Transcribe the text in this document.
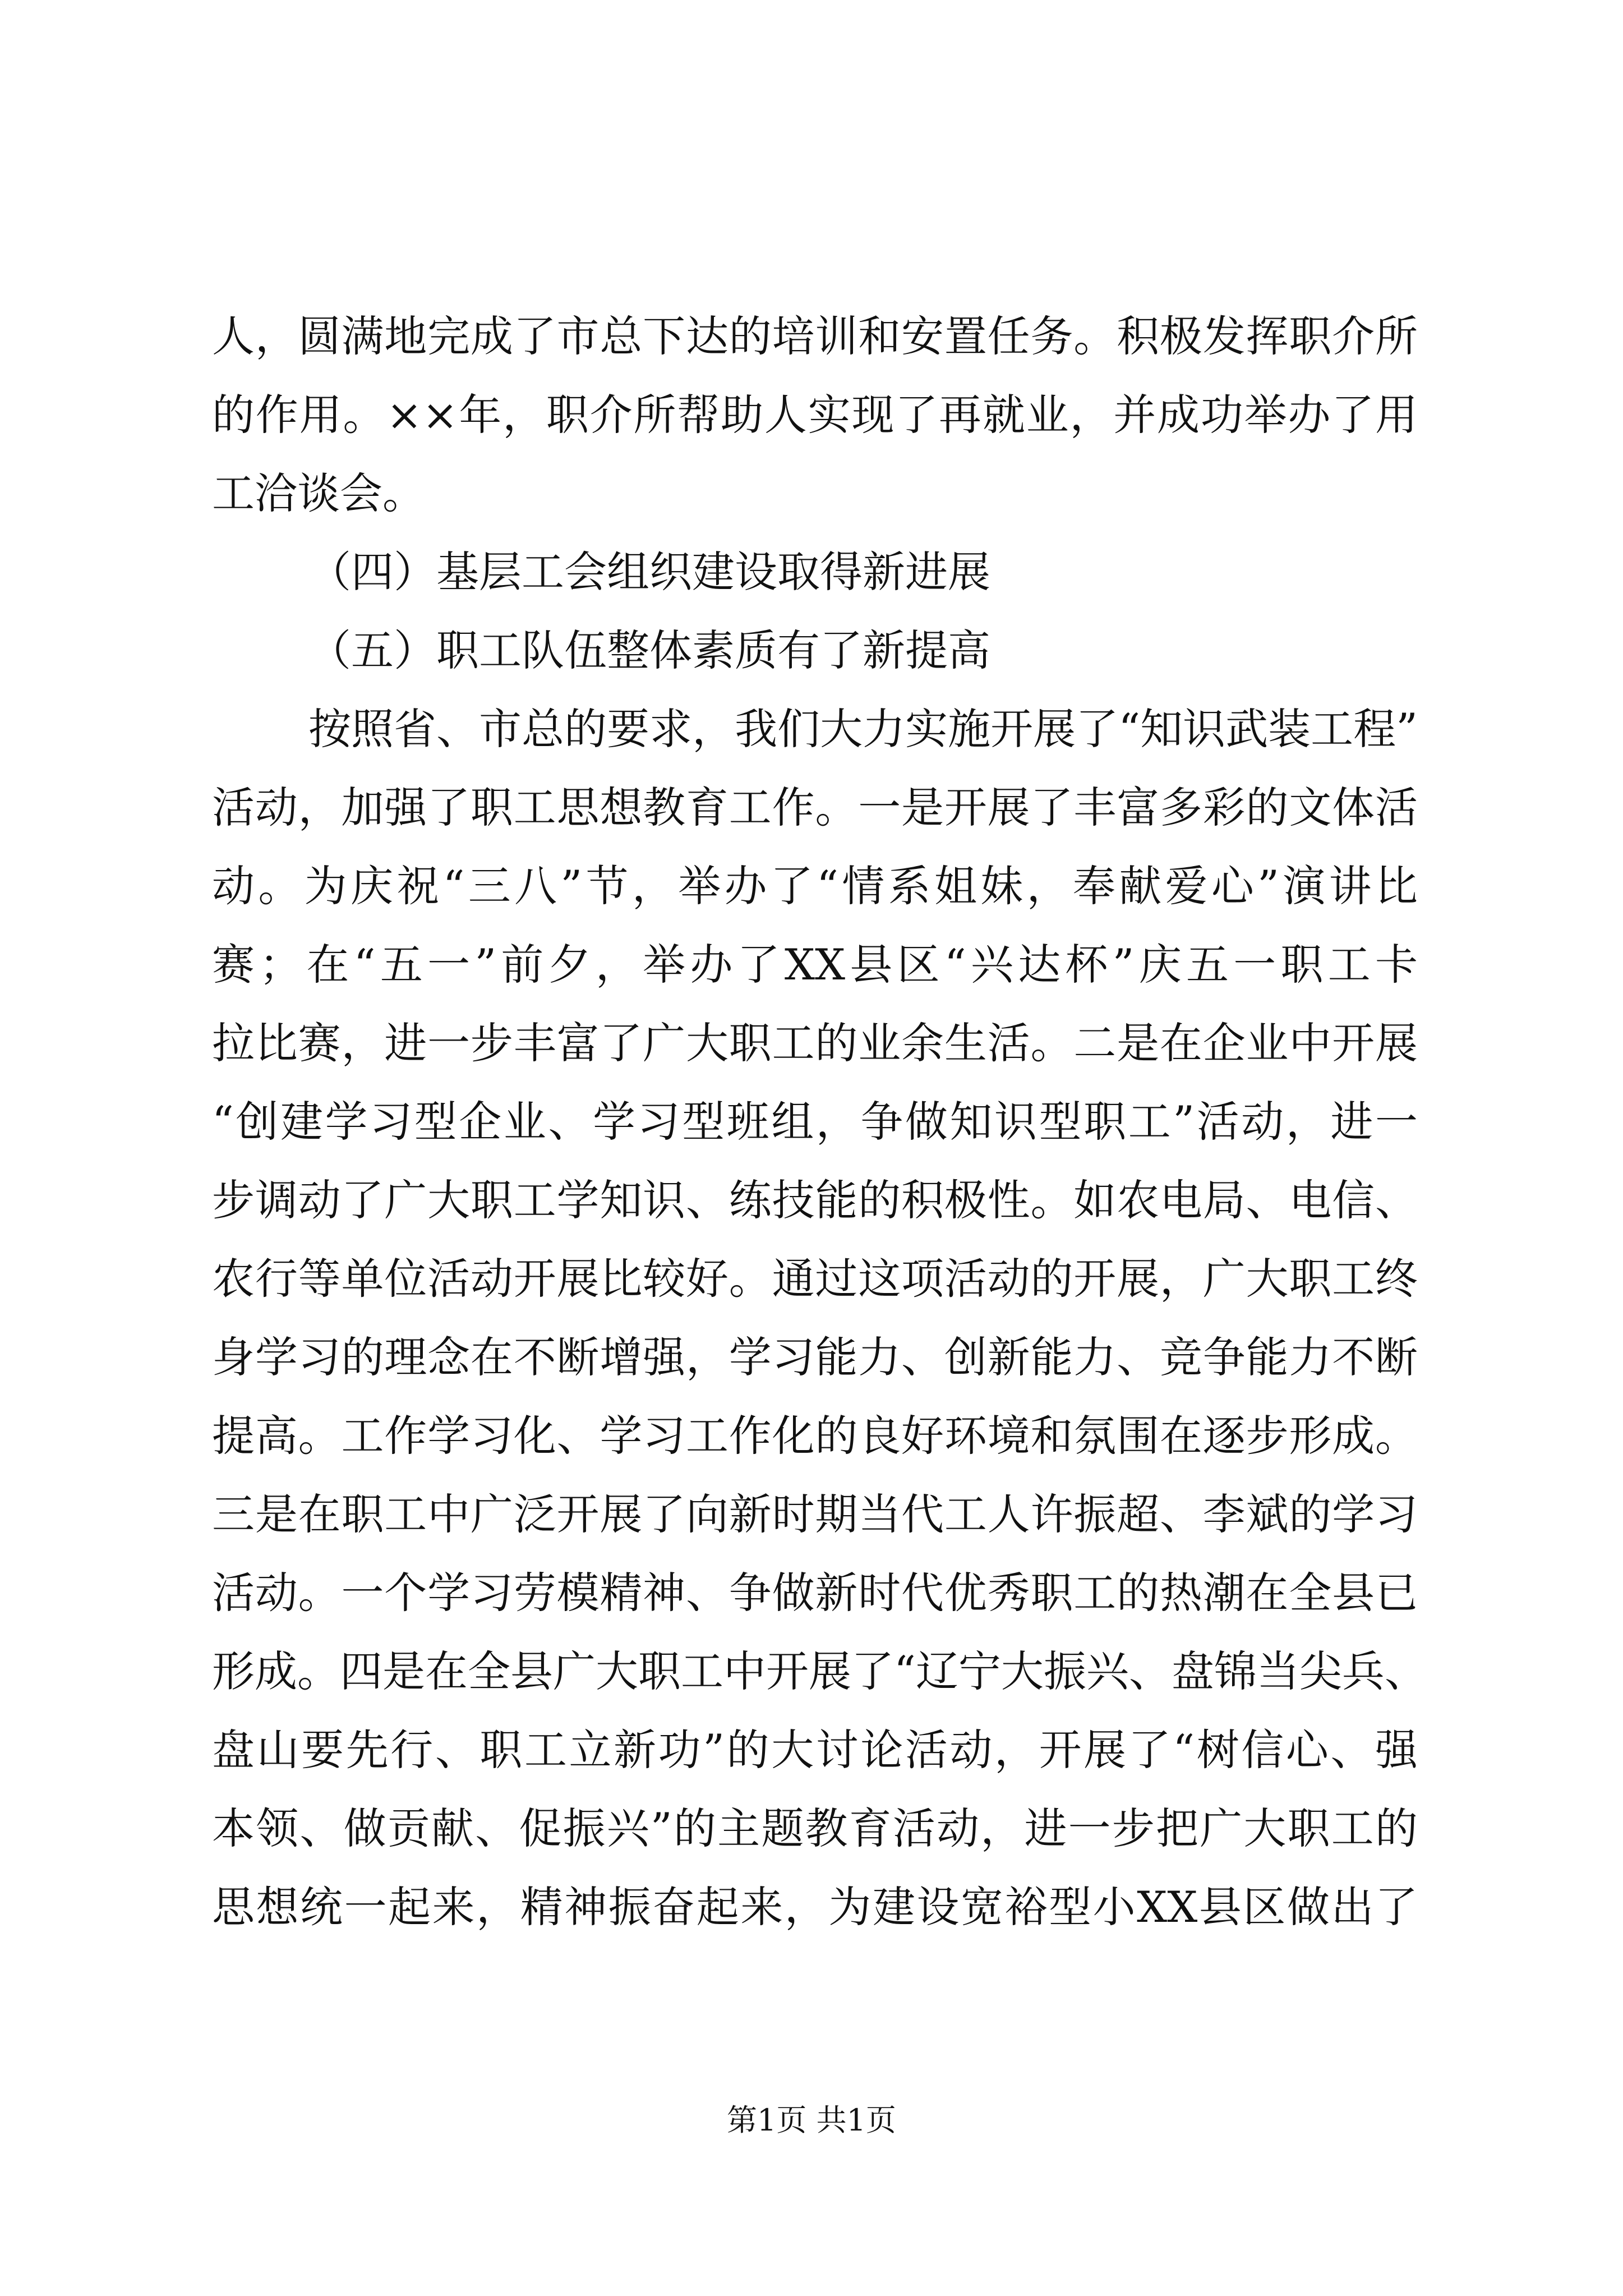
人，圆满地完成了市总下达的培训和安置任务。积极发挥职介所
的作用。××年，职介所帮助人实现了再就业，并成功举办了用
工洽谈会。
（四）基层工会组织建设取得新进展
（五）职工队伍整体素质有了新提高
按照省、市总的要求，我们大力实施开展了“知识武装工程”
活动，加强了职工思想教育工作。一是开展了丰富多彩的文体活
动。为庆祝“三八”节，举办了“情系姐妹，奉献爱心”演讲比
赛；在“五一”前夕，举办了XX县区“兴达杯”庆五一职工卡
拉比赛，进一步丰富了广大职工的业余生活。二是在企业中开展
“创建学习型企业、学习型班组，争做知识型职工”活动，进一
步调动了广大职工学知识、练技能的积极性。如农电局、电信、
农行等单位活动开展比较好。通过这项活动的开展，广大职工终
身学习的理念在不断增强，学习能力、创新能力、竞争能力不断
提高。工作学习化、学习工作化的良好环境和氛围在逐步形成。
三是在职工中广泛开展了向新时期当代工人许振超、李斌的学习
活动。一个学习劳模精神、争做新时代优秀职工的热潮在全县已
形成。四是在全县广大职工中开展了“辽宁大振兴、盘锦当尖兵、
盘山要先行、职工立新功”的大讨论活动，开展了“树信心、强
本领、做贡献、促振兴”的主题教育活动，进一步把广大职工的
思想统一起来，精神振奋起来，为建设宽裕型小XX县区做出了
第1页 共1页
